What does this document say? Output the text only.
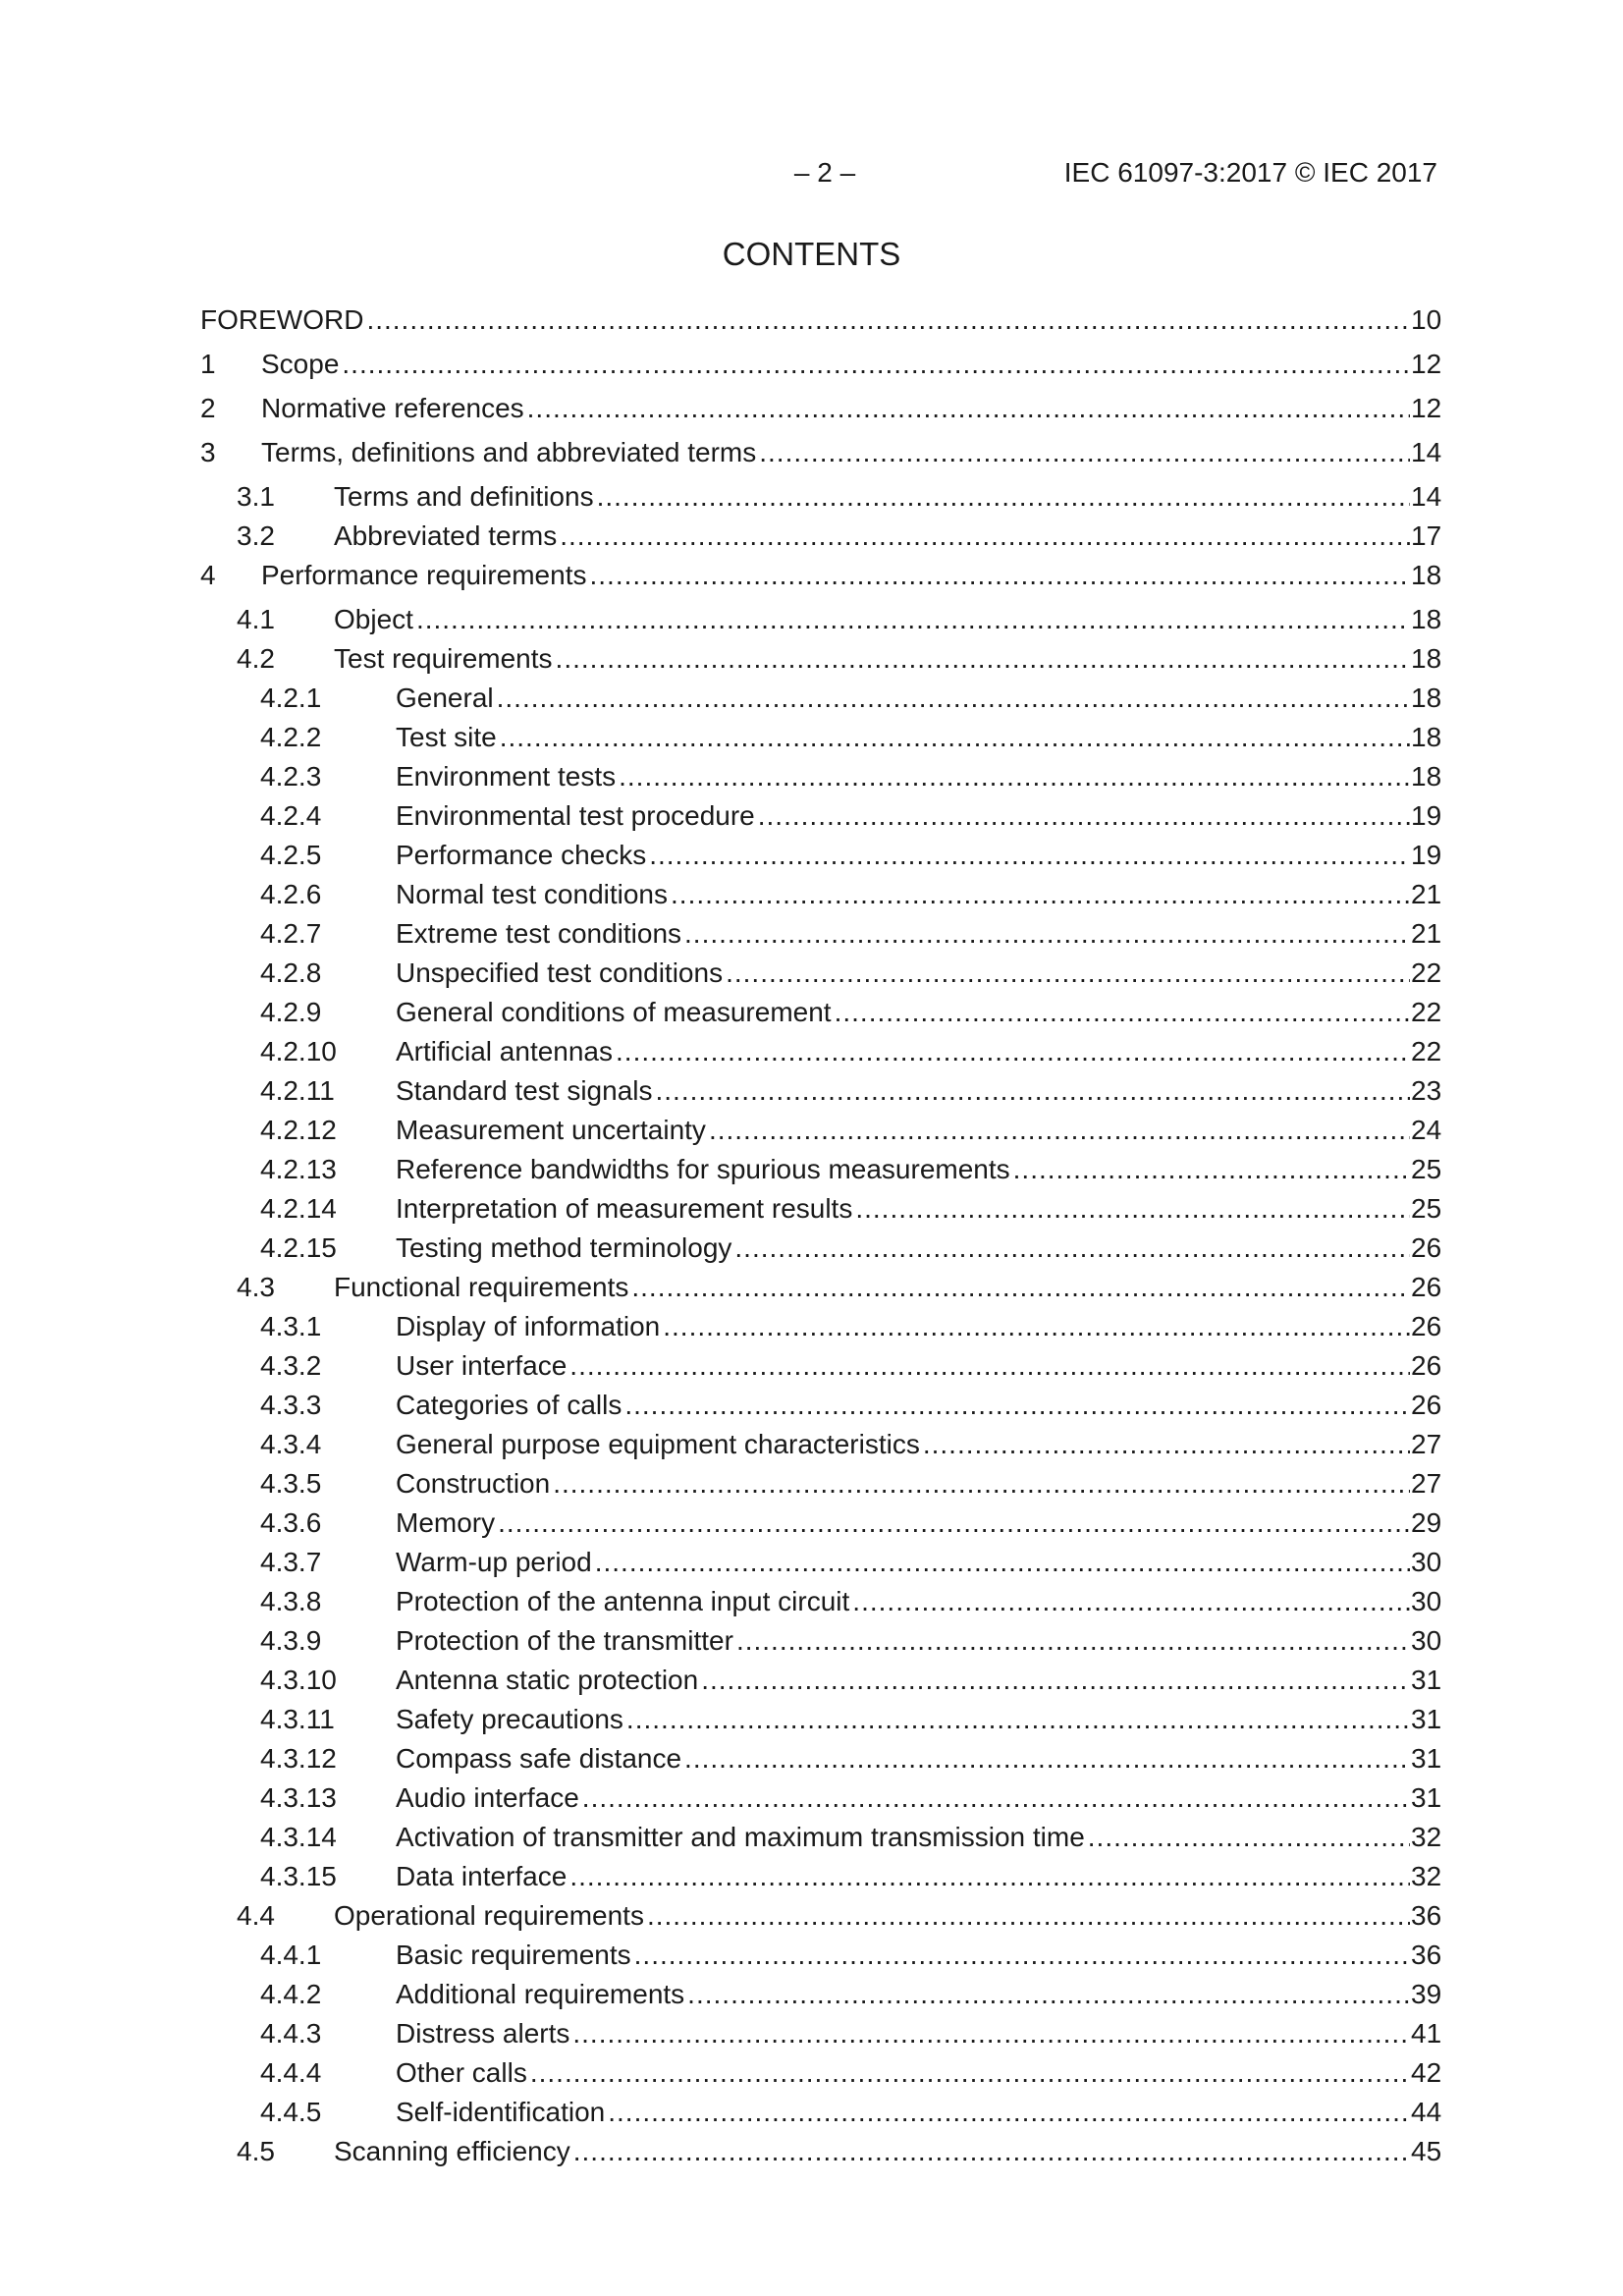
– 2 –	IEC 61097-3:2017 © IEC 2017
CONTENTS
FOREWORD .....	10
1 Scope .....	12
2 Normative references .....	12
3 Terms, definitions and abbreviated terms .....	14
3.1 Terms and definitions .....	14
3.2 Abbreviated terms .....	17
4 Performance requirements .....	18
4.1 Object .....	18
4.2 Test requirements .....	18
4.2.1	General .....	18
4.2.2	Test site .....	18
4.2.3	Environment tests .....	18
4.2.4	Environmental test procedure .....	19
4.2.5	Performance checks .....	19
4.2.6	Normal test conditions .....	21
4.2.7	Extreme test conditions .....	21
4.2.8	Unspecified test conditions .....	22
4.2.9	General conditions of measurement .....	22
4.2.10 Artificial antennas .....	22
4.2.11 Standard test signals .....	23
4.2.12 Measurement uncertainty .....	24
4.2.13 Reference bandwidths for spurious measurements .....	25
4.2.14 Interpretation of measurement results .....	25
4.2.15 Testing method terminology .....	26
4.3 Functional requirements .....	26
4.3.1	Display of information .....	26
4.3.2	User interface .....	26
4.3.3	Categories of calls .....	26
4.3.4	General purpose equipment characteristics .....	27
4.3.5	Construction .....	27
4.3.6	Memory .....	29
4.3.7	Warm-up period .....	30
4.3.8	Protection of the antenna input circuit .....	30
4.3.9	Protection of the transmitter .....	30
4.3.10 Antenna static protection .....	31
4.3.11 Safety precautions .....	31
4.3.12 Compass safe distance .....	31
4.3.13 Audio interface .....	31
4.3.14 Activation of transmitter and maximum transmission time .....	32
4.3.15 Data interface .....	32
4.4 Operational requirements .....	36
4.4.1	Basic requirements .....	36
4.4.2	Additional requirements .....	39
4.4.3	Distress alerts .....	41
4.4.4	Other calls .....	42
4.4.5	Self-identification .....	44
4.5 Scanning efficiency .....	45
